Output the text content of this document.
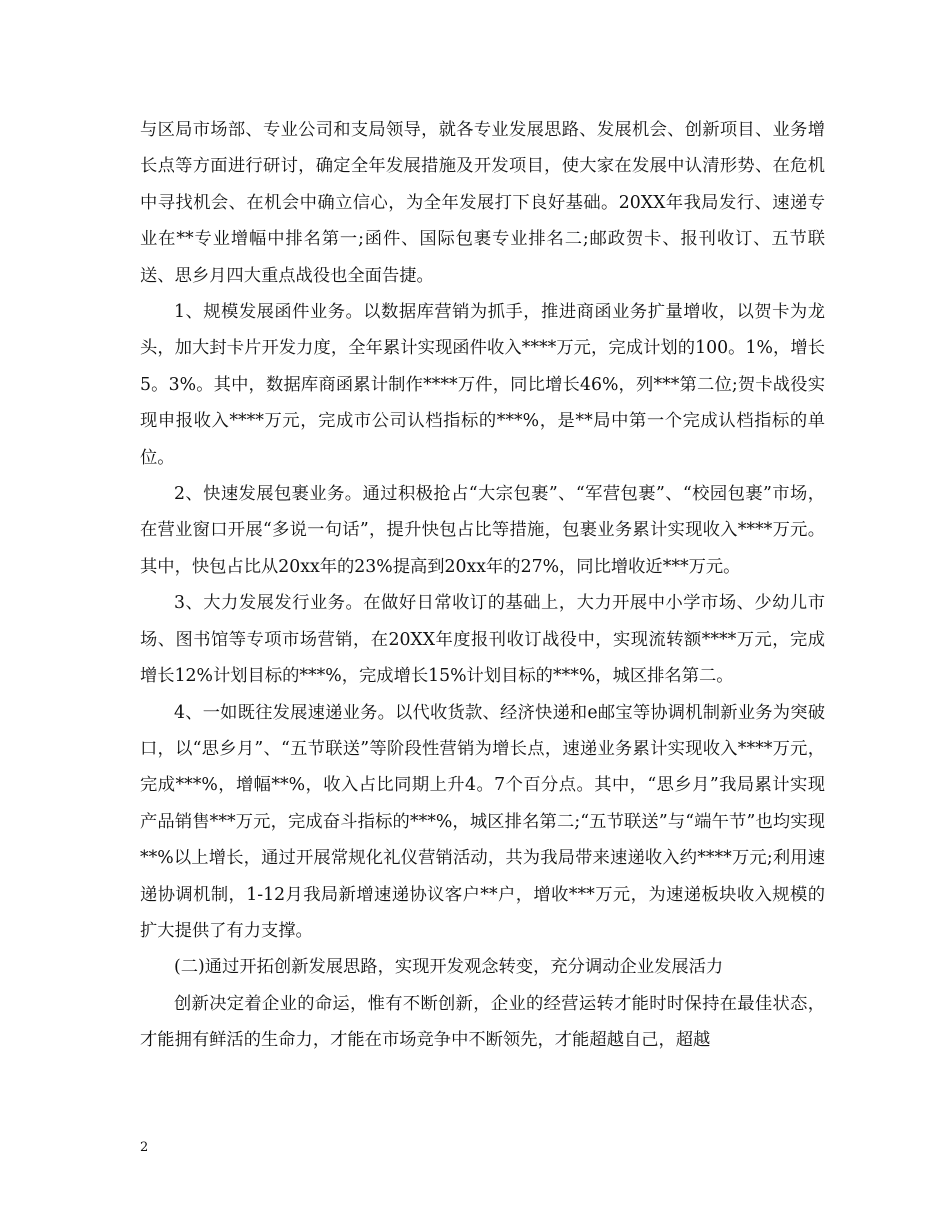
与区局市场部、专业公司和支局领导，就各专业发展思路、发展机会、创新项目、业务增长点等方面进行研讨，确定全年发展措施及开发项目，使大家在发展中认清形势、在危机中寻找机会、在机会中确立信心，为全年发展打下良好基础。20XX年我局发行、速递专业在**专业增幅中排名第一;函件、国际包裹专业排名二;邮政贺卡、报刊收订、五节联送、思乡月四大重点战役也全面告捷。

1、规模发展函件业务。以数据库营销为抓手，推进商函业务扩量增收，以贺卡为龙头，加大封卡片开发力度，全年累计实现函件收入****万元，完成计划的100。1%，增长5。3%。其中，数据库商函累计制作****万件，同比增长46%，列***第二位;贺卡战役实现申报收入****万元，完成市公司认档指标的***%，是**局中第一个完成认档指标的单位。

2、快速发展包裹业务。通过积极抢占“大宗包裹”、“军营包裹”、“校园包裹”市场，在营业窗口开展“多说一句话”，提升快包占比等措施，包裹业务累计实现收入****万元。其中，快包占比从20xx年的23%提高到20xx年的27%，同比增收近***万元。

3、大力发展发行业务。在做好日常收订的基础上，大力开展中小学市场、少幼儿市场、图书馆等专项市场营销，在20XX年度报刊收订战役中，实现流转额****万元，完成增长12%计划目标的***%，完成增长15%计划目标的***%，城区排名第二。

4、一如既往发展速递业务。以代收货款、经济快递和e邮宝等协调机制新业务为突破口，以“思乡月”、“五节联送”等阶段性营销为增长点，速递业务累计实现收入****万元，完成***%，增幅**%，收入占比同期上升4。7个百分点。其中，“思乡月”我局累计实现产品销售***万元，完成奋斗指标的***%，城区排名第二;“五节联送”与“端午节”也均实现**%以上增长，通过开展常规化礼仪营销活动，共为我局带来速递收入约****万元;利用速递协调机制，1-12月我局新增速递协议客户**户，增收***万元，为速递板块收入规模的扩大提供了有力支撑。

(二)通过开拓创新发展思路，实现开发观念转变，充分调动企业发展活力

创新决定着企业的命运，惟有不断创新，企业的经营运转才能时时保持在最佳状态，才能拥有鲜活的生命力，才能在市场竞争中不断领先，才能超越自己，超越

2
